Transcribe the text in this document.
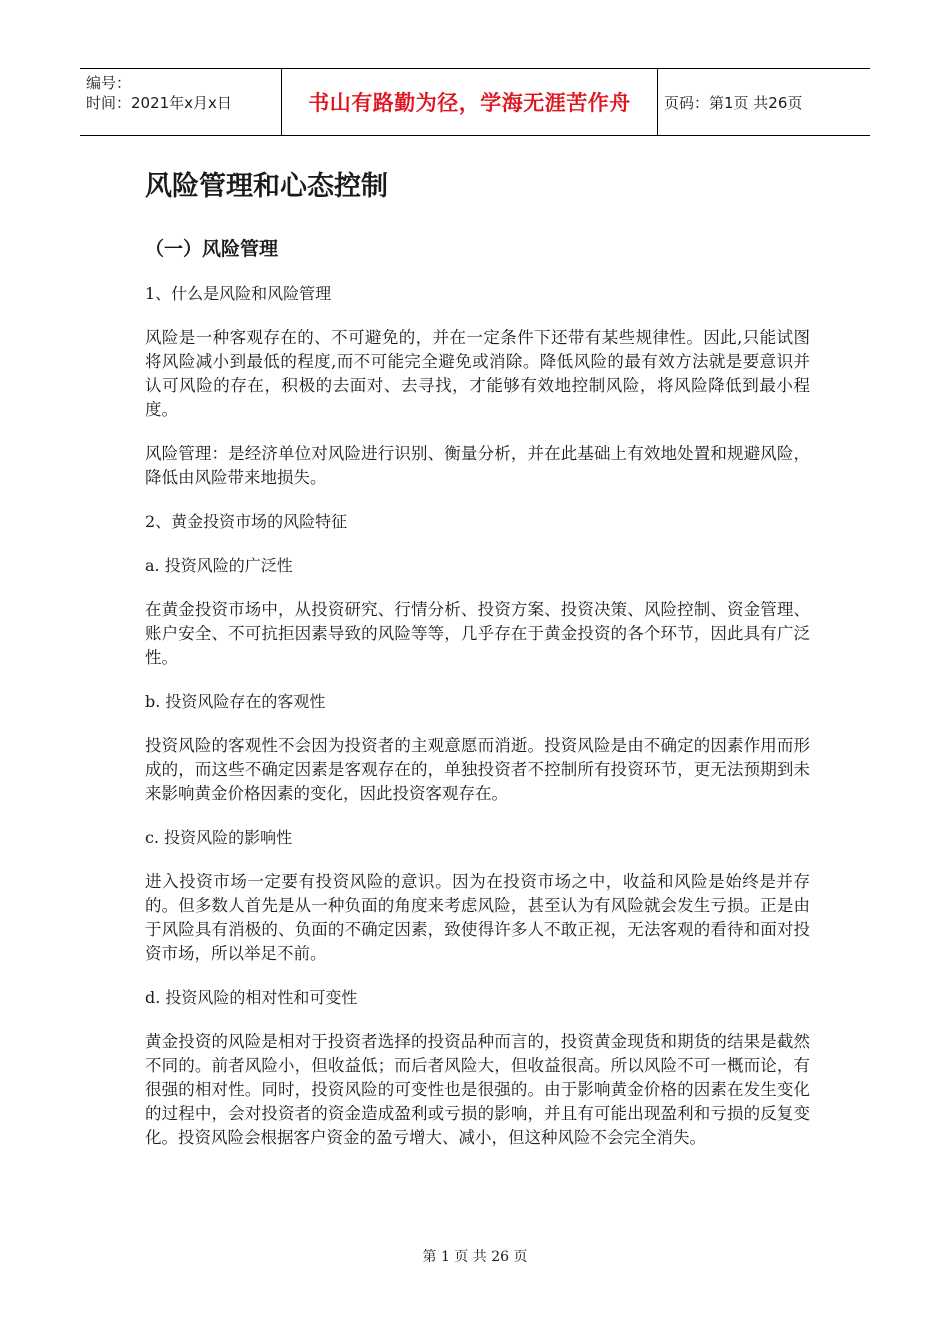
编号：
时间：2021年x月x日	书山有路勤为径，学海无涯苦作舟	页码：第1页 共26页
风险管理和心态控制
（一）风险管理
1、什么是风险和风险管理
风险是一种客观存在的、不可避免的，并在一定条件下还带有某些规律性。因此,只能试图将风险减小到最低的程度,而不可能完全避免或消除。降低风险的最有效方法就是要意识并认可风险的存在，积极的去面对、去寻找，才能够有效地控制风险，将风险降低到最小程度。
风险管理：是经济单位对风险进行识别、衡量分析，并在此基础上有效地处置和规避风险，降低由风险带来地损失。
2、黄金投资市场的风险特征
a. 投资风险的广泛性
在黄金投资市场中，从投资研究、行情分析、投资方案、投资决策、风险控制、资金管理、账户安全、不可抗拒因素导致的风险等等，几乎存在于黄金投资的各个环节，因此具有广泛性。
b. 投资风险存在的客观性
投资风险的客观性不会因为投资者的主观意愿而消逝。投资风险是由不确定的因素作用而形成的，而这些不确定因素是客观存在的，单独投资者不控制所有投资环节，更无法预期到未来影响黄金价格因素的变化，因此投资客观存在。
c. 投资风险的影响性
进入投资市场一定要有投资风险的意识。因为在投资市场之中，收益和风险是始终是并存的。但多数人首先是从一种负面的角度来考虑风险，甚至认为有风险就会发生亏损。正是由于风险具有消极的、负面的不确定因素，致使得许多人不敢正视，无法客观的看待和面对投资市场，所以举足不前。
d. 投资风险的相对性和可变性
黄金投资的风险是相对于投资者选择的投资品种而言的，投资黄金现货和期货的结果是截然不同的。前者风险小，但收益低；而后者风险大，但收益很高。所以风险不可一概而论，有很强的相对性。同时，投资风险的可变性也是很强的。由于影响黄金价格的因素在发生变化的过程中，会对投资者的资金造成盈利或亏损的影响，并且有可能出现盈利和亏损的反复变化。投资风险会根据客户资金的盈亏增大、减小，但这种风险不会完全消失。
第 1 页 共 26 页
